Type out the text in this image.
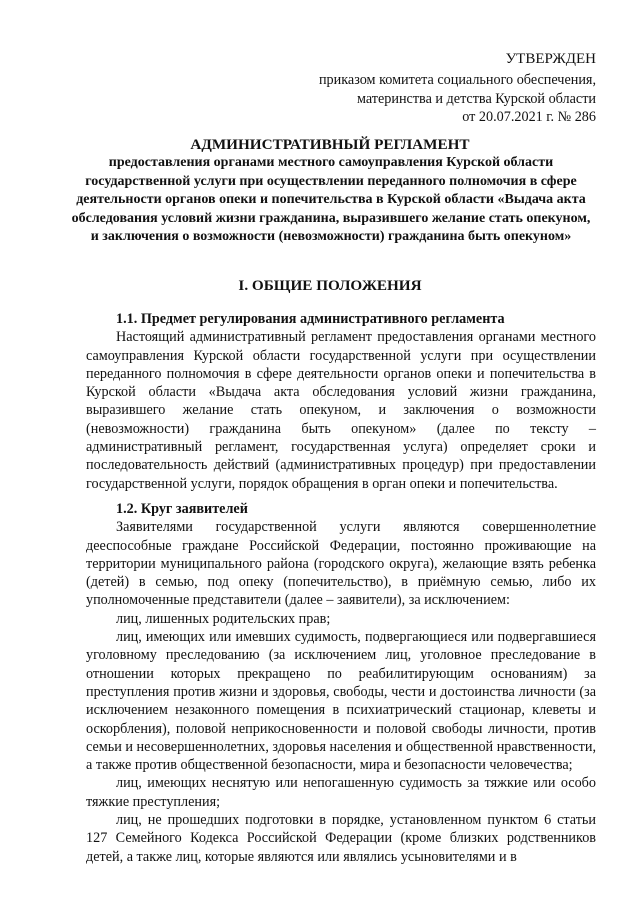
УТВЕРЖДЕН
приказом комитета социального обеспечения,
материнства и детства Курской области
от 20.07.2021 г. № 286
АДМИНИСТРАТИВНЫЙ РЕГЛАМЕНТ
предоставления органами местного самоуправления Курской области государственной услуги при осуществлении переданного полномочия в сфере деятельности органов опеки и попечительства в Курской области «Выдача акта обследования условий жизни гражданина, выразившего желание стать опекуном, и заключения о возможности (невозможности) гражданина быть опекуном»
I. ОБЩИЕ ПОЛОЖЕНИЯ
1.1. Предмет регулирования административного регламента

Настоящий административный регламент предоставления органами местного самоуправления Курской области государственной услуги при осуществлении переданного полномочия в сфере деятельности органов опеки и попечительства в Курской области «Выдача акта обследования условий жизни гражданина, выразившего желание стать опекуном, и заключения о возможности (невозможности) гражданина быть опекуном» (далее по тексту – административный регламент, государственная услуга) определяет сроки и последовательность действий (административных процедур) при предоставлении государственной услуги, порядок обращения в орган опеки и попечительства.

1.2. Круг заявителей

Заявителями государственной услуги являются совершеннолетние дееспособные граждане Российской Федерации, постоянно проживающие на территории муниципального района (городского округа), желающие взять ребенка (детей) в семью, под опеку (попечительство), в приёмную семью, либо их уполномоченные представители (далее – заявители), за исключением:

лиц, лишенных родительских прав;

лиц, имеющих или имевших судимость, подвергающиеся или подвергавшиеся уголовному преследованию (за исключением лиц, уголовное преследование в отношении которых прекращено по реабилитирующим основаниям) за преступления против жизни и здоровья, свободы, чести и достоинства личности (за исключением незаконного помещения в психиатрический стационар, клеветы и оскорбления), половой неприкосновенности и половой свободы личности, против семьи и несовершеннолетних, здоровья населения и общественной нравственности, а также против общественной безопасности, мира и безопасности человечества;

лиц, имеющих неснятую или непогашенную судимость за тяжкие или особо тяжкие преступления;

лиц, не прошедших подготовки в порядке, установленном пунктом 6 статьи 127 Семейного Кодекса Российской Федерации (кроме близких родственников детей, а также лиц, которые являются или являлись усыновителями и в
